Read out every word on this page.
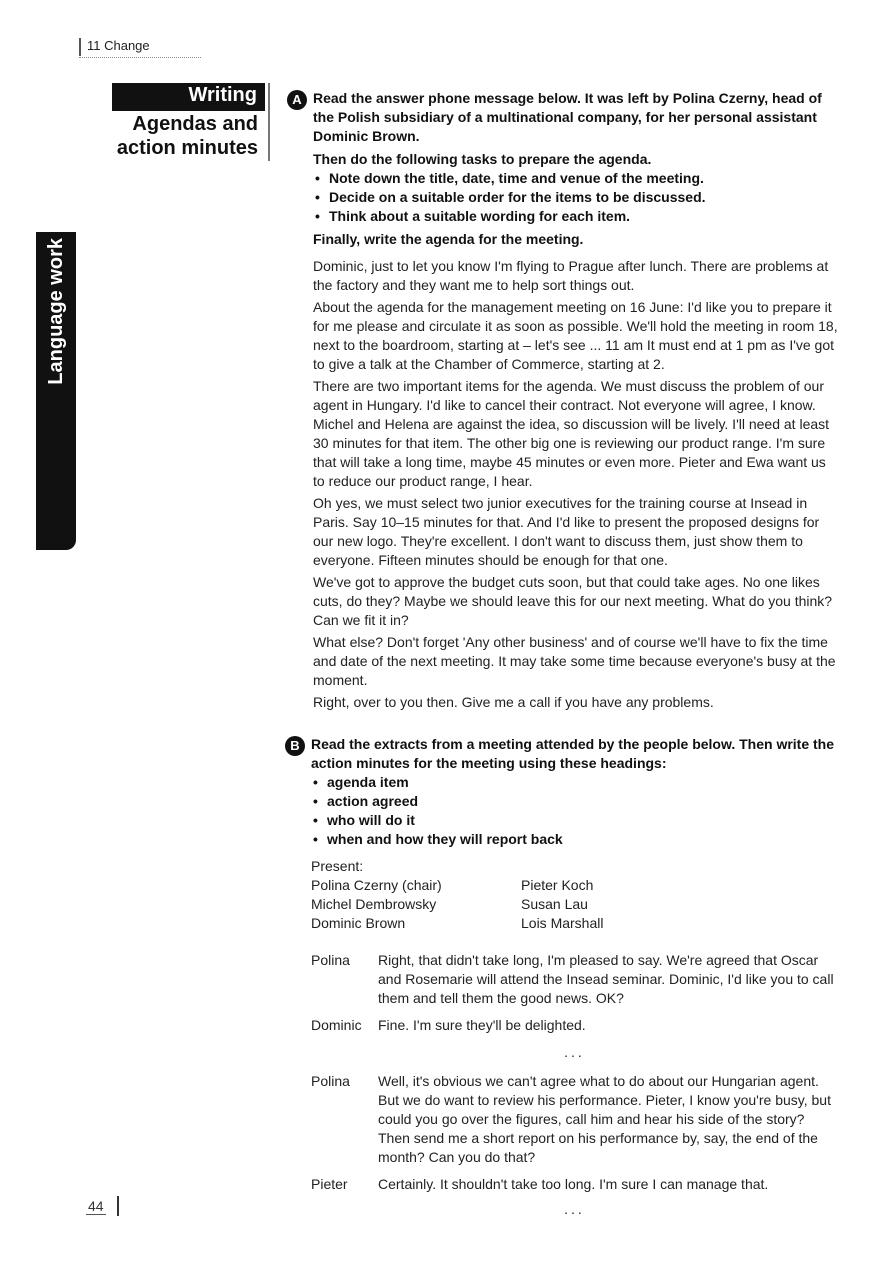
11 Change
Writing
Agendas and action minutes
Language work
A Read the answer phone message below. It was left by Polina Czerny, head of the Polish subsidiary of a multinational company, for her personal assistant Dominic Brown.
Then do the following tasks to prepare the agenda.
• Note down the title, date, time and venue of the meeting.
• Decide on a suitable order for the items to be discussed.
• Think about a suitable wording for each item.
Finally, write the agenda for the meeting.

Dominic, just to let you know I'm flying to Prague after lunch. There are problems at the factory and they want me to help sort things out.

About the agenda for the management meeting on 16 June: I'd like you to prepare it for me please and circulate it as soon as possible. We'll hold the meeting in room 18, next to the boardroom, starting at – let's see ... 11 am It must end at 1 pm as I've got to give a talk at the Chamber of Commerce, starting at 2.

There are two important items for the agenda. We must discuss the problem of our agent in Hungary. I'd like to cancel their contract. Not everyone will agree, I know. Michel and Helena are against the idea, so discussion will be lively. I'll need at least 30 minutes for that item. The other big one is reviewing our product range. I'm sure that will take a long time, maybe 45 minutes or even more. Pieter and Ewa want us to reduce our product range, I hear.

Oh yes, we must select two junior executives for the training course at Insead in Paris. Say 10–15 minutes for that. And I'd like to present the proposed designs for our new logo. They're excellent. I don't want to discuss them, just show them to everyone. Fifteen minutes should be enough for that one.

We've got to approve the budget cuts soon, but that could take ages. No one likes cuts, do they? Maybe we should leave this for our next meeting. What do you think? Can we fit it in?

What else? Don't forget 'Any other business' and of course we'll have to fix the time and date of the next meeting. It may take some time because everyone's busy at the moment.

Right, over to you then. Give me a call if you have any problems.

B Read the extracts from a meeting attended by the people below. Then write the action minutes for the meeting using these headings:
• agenda item
• action agreed
• who will do it
• when and how they will report back
Present:
Polina Czerny (chair)	Pieter Koch
Michel Dembrowsky	Susan Lau
Dominic Brown	Lois Marshall
Polina	Right, that didn't take long, I'm pleased to say. We're agreed that Oscar and Rosemarie will attend the Insead seminar. Dominic, I'd like you to call them and tell them the good news. OK?
Dominic	Fine. I'm sure they'll be delighted.
...
Polina	Well, it's obvious we can't agree what to do about our Hungarian agent. But we do want to review his performance. Pieter, I know you're busy, but could you go over the figures, call him and hear his side of the story? Then send me a short report on his performance by, say, the end of the month? Can you do that?
Pieter	Certainly. It shouldn't take too long. I'm sure I can manage that.
...
44
